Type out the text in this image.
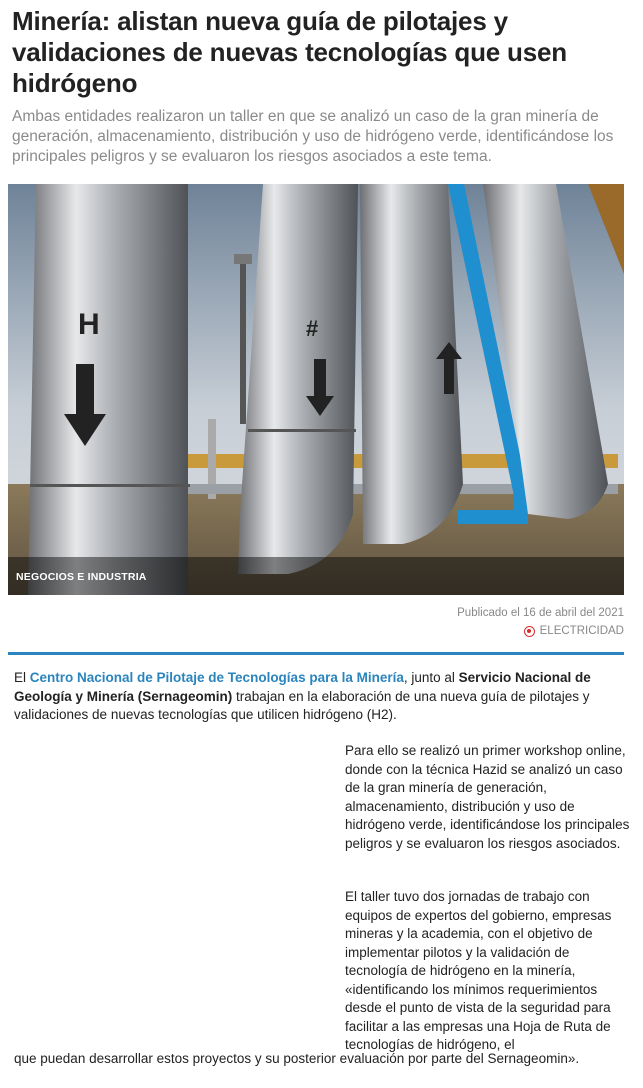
Minería: alistan nueva guía de pilotajes y validaciones de nuevas tecnologías que usen hidrógeno

Ambas entidades realizaron un taller en que se analizó un caso de la gran minería de generación, almacenamiento, distribución y uso de hidrógeno verde, identificándose los principales peligros y se evaluaron los riesgos asociados a este tema.

H	#
NEGOCIOS E INDUSTRIA
Publicado el 16 de abril del 2021
ELECTRICIDAD

El Centro Nacional de Pilotaje de Tecnologías para la Minería, junto al Servicio Nacional de Geología y Minería (Sernageomin) trabajan en la elaboración de una nueva guía de pilotajes y validaciones de nuevas tecnologías que utilicen hidrógeno (H2).

Para ello se realizó un primer workshop online, donde con la técnica Hazid se analizó un caso de la gran minería de generación, almacenamiento, distribución y uso de hidrógeno verde, identificándose los principales peligros y se evaluaron los riesgos asociados.

El taller tuvo dos jornadas de trabajo con equipos de expertos del gobierno, empresas mineras y la academia, con el objetivo de implementar pilotos y la validación de tecnología de hidrógeno en la minería, «identificando los mínimos requerimientos desde el punto de vista de la seguridad para facilitar a las empresas una Hoja de Ruta de tecnologías de hidrógeno, el

que puedan desarrollar estos proyectos y su posterior evaluación por parte del Sernageomin».
